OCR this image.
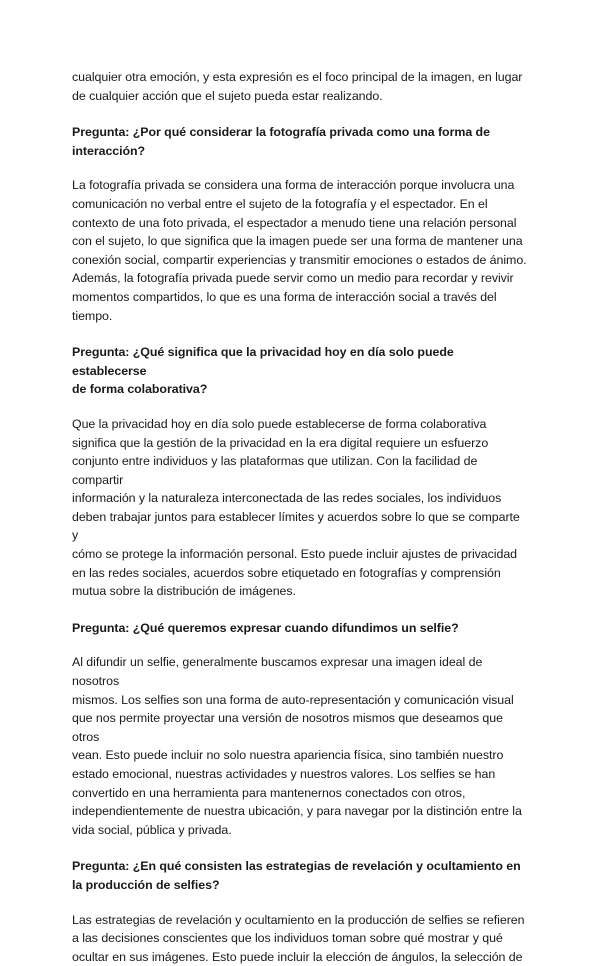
cualquier otra emoción, y esta expresión es el foco principal de la imagen, en lugar
de cualquier acción que el sujeto pueda estar realizando.

Pregunta: ¿Por qué considerar la fotografía privada como una forma de
interacción?

La fotografía privada se considera una forma de interacción porque involucra una
comunicación no verbal entre el sujeto de la fotografía y el espectador. En el
contexto de una foto privada, el espectador a menudo tiene una relación personal
con el sujeto, lo que significa que la imagen puede ser una forma de mantener una
conexión social, compartir experiencias y transmitir emociones o estados de ánimo.
Además, la fotografía privada puede servir como un medio para recordar y revivir
momentos compartidos, lo que es una forma de interacción social a través del
tiempo.

Pregunta: ¿Qué significa que la privacidad hoy en día solo puede establecerse
de forma colaborativa?

Que la privacidad hoy en día solo puede establecerse de forma colaborativa
significa que la gestión de la privacidad en la era digital requiere un esfuerzo
conjunto entre individuos y las plataformas que utilizan. Con la facilidad de compartir
información y la naturaleza interconectada de las redes sociales, los individuos
deben trabajar juntos para establecer límites y acuerdos sobre lo que se comparte y
cómo se protege la información personal. Esto puede incluir ajustes de privacidad
en las redes sociales, acuerdos sobre etiquetado en fotografías y comprensión
mutua sobre la distribución de imágenes.

Pregunta: ¿Qué queremos expresar cuando difundimos un selfie?

Al difundir un selfie, generalmente buscamos expresar una imagen ideal de nosotros
mismos. Los selfies son una forma de auto-representación y comunicación visual
que nos permite proyectar una versión de nosotros mismos que deseamos que otros
vean. Esto puede incluir no solo nuestra apariencia física, sino también nuestro
estado emocional, nuestras actividades y nuestros valores. Los selfies se han
convertido en una herramienta para mantenernos conectados con otros,
independientemente de nuestra ubicación, y para navegar por la distinción entre la
vida social, pública y privada.

Pregunta: ¿En qué consisten las estrategias de revelación y ocultamiento en
la producción de selfies?

Las estrategias de revelación y ocultamiento en la producción de selfies se refieren
a las decisiones conscientes que los individuos toman sobre qué mostrar y qué
ocultar en sus imágenes. Esto puede incluir la elección de ángulos, la selección de
